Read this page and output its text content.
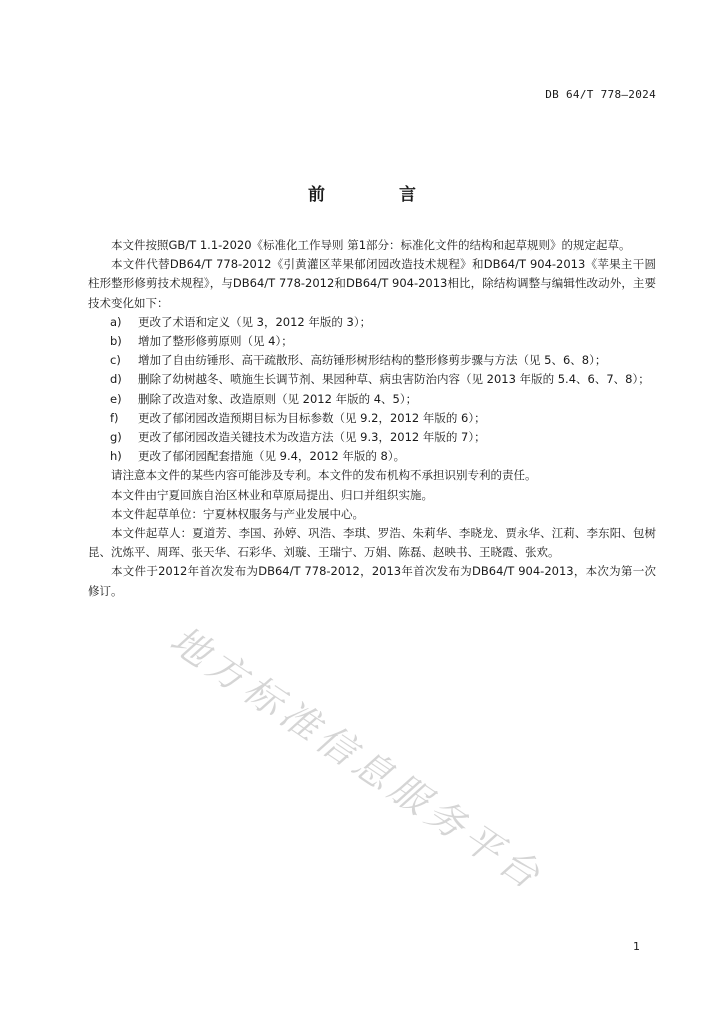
DB 64/T 778—2024
前 言

本文件按照GB/T 1.1-2020《标准化工作导则 第1部分：标准化文件的结构和起草规则》的规定起草。

本文件代替DB64/T 778-2012《引黄灌区苹果郁闭园改造技术规程》和DB64/T 904-2013《苹果主干圆柱形整形修剪技术规程》，与DB64/T 778-2012和DB64/T 904-2013相比，除结构调整与编辑性改动外，主要技术变化如下：

a)	更改了术语和定义（见 3，2012 年版的 3）；
b)	增加了整形修剪原则（见 4）；
c)	增加了自由纺锤形、高干疏散形、高纺锤形树形结构的整形修剪步骤与方法（见 5、6、8）；
d)	删除了幼树越冬、喷施生长调节剂、果园种草、病虫害防治内容（见 2013 年版的 5.4、6、7、8）；
e)	删除了改造对象、改造原则（见 2012 年版的 4、5）；
f)	更改了郁闭园改造预期目标为目标参数（见 9.2，2012 年版的 6）；
g)	更改了郁闭园改造关键技术为改造方法（见 9.3，2012 年版的 7）；
h)	更改了郁闭园配套措施（见 9.4，2012 年版的 8）。

请注意本文件的某些内容可能涉及专利。本文件的发布机构不承担识别专利的责任。

本文件由宁夏回族自治区林业和草原局提出、归口并组织实施。

本文件起草单位：宁夏林权服务与产业发展中心。

本文件起草人：夏道芳、李国、孙婷、巩浩、李琪、罗浩、朱莉华、李晓龙、贾永华、江莉、李东阳、包树昆、沈炼平、周珲、张天华、石彩华、刘璇、王瑞宁、万娟、陈磊、赵映书、王晓霞、张欢。

本文件于2012年首次发布为DB64/T 778-2012，2013年首次发布为DB64/T 904-2013，本次为第一次修订。

地方标准信息服务平台
1
